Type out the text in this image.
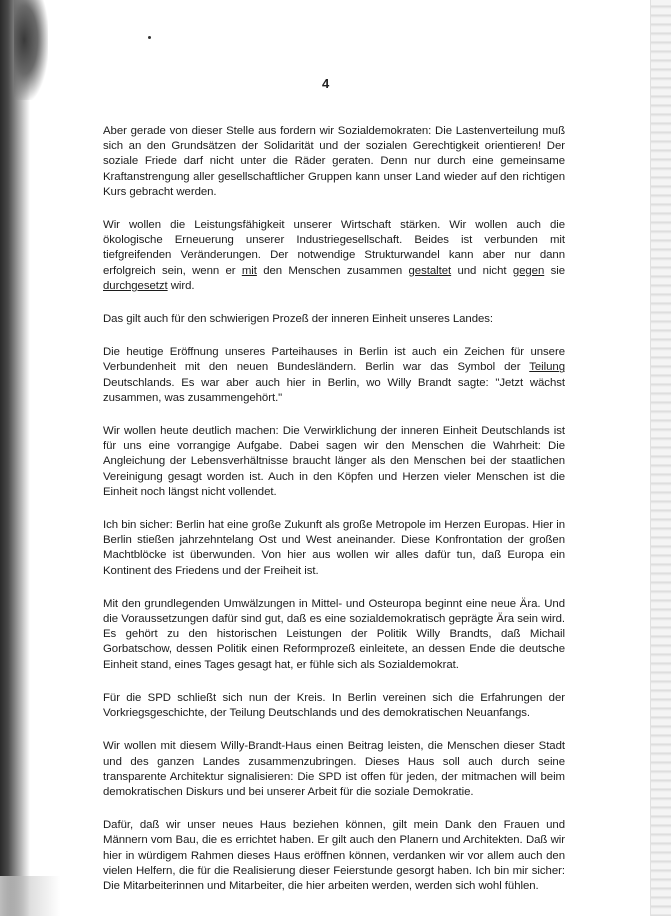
4

Aber gerade von dieser Stelle aus fordern wir Sozialdemokraten: Die Lastenverteilung muß sich an den Grundsätzen der Solidarität und der sozialen Gerechtigkeit orientieren! Der soziale Friede darf nicht unter die Räder geraten. Denn nur durch eine gemeinsame Kraftanstrengung aller gesellschaftlicher Gruppen kann unser Land wieder auf den richtigen Kurs gebracht werden.

Wir wollen die Leistungsfähigkeit unserer Wirtschaft stärken. Wir wollen auch die ökologische Erneuerung unserer Industriegesellschaft. Beides ist verbunden mit tiefgreifenden Veränderungen. Der notwendige Strukturwandel kann aber nur dann erfolgreich sein, wenn er mit den Menschen zusammen gestaltet und nicht gegen sie durchgesetzt wird.

Das gilt auch für den schwierigen Prozeß der inneren Einheit unseres Landes:

Die heutige Eröffnung unseres Parteihauses in Berlin ist auch ein Zeichen für unsere Verbundenheit mit den neuen Bundesländern. Berlin war das Symbol der Teilung Deutschlands. Es war aber auch hier in Berlin, wo Willy Brandt sagte: "Jetzt wächst zusammen, was zusammengehört."

Wir wollen heute deutlich machen: Die Verwirklichung der inneren Einheit Deutschlands ist für uns eine vorrangige Aufgabe. Dabei sagen wir den Menschen die Wahrheit: Die Angleichung der Lebensverhältnisse braucht länger als den Menschen bei der staatlichen Vereinigung gesagt worden ist. Auch in den Köpfen und Herzen vieler Menschen ist die Einheit noch längst nicht vollendet.

Ich bin sicher: Berlin hat eine große Zukunft als große Metropole im Herzen Europas. Hier in Berlin stießen jahrzehntelang Ost und West aneinander. Diese Konfrontation der großen Machtblöcke ist überwunden. Von hier aus wollen wir alles dafür tun, daß Europa ein Kontinent des Friedens und der Freiheit ist.

Mit den grundlegenden Umwälzungen in Mittel- und Osteuropa beginnt eine neue Ära. Und die Voraussetzungen dafür sind gut, daß es eine sozialdemokratisch geprägte Ära sein wird. Es gehört zu den historischen Leistungen der Politik Willy Brandts, daß Michail Gorbatschow, dessen Politik einen Reformprozeß einleitete, an dessen Ende die deutsche Einheit stand, eines Tages gesagt hat, er fühle sich als Sozialdemokrat.

Für die SPD schließt sich nun der Kreis. In Berlin vereinen sich die Erfahrungen der Vorkriegsgeschichte, der Teilung Deutschlands und des demokratischen Neuanfangs.

Wir wollen mit diesem Willy-Brandt-Haus einen Beitrag leisten, die Menschen dieser Stadt und des ganzen Landes zusammenzubringen. Dieses Haus soll auch durch seine transparente Architektur signalisieren: Die SPD ist offen für jeden, der mitmachen will beim demokratischen Diskurs und bei unserer Arbeit für die soziale Demokratie.

Dafür, daß wir unser neues Haus beziehen können, gilt mein Dank den Frauen und Männern vom Bau, die es errichtet haben. Er gilt auch den Planern und Architekten. Daß wir hier in würdigem Rahmen dieses Haus eröffnen können, verdanken wir vor allem auch den vielen Helfern, die für die Realisierung dieser Feierstunde gesorgt haben. Ich bin mir sicher: Die Mitarbeiterinnen und Mitarbeiter, die hier arbeiten werden, werden sich wohl fühlen.
